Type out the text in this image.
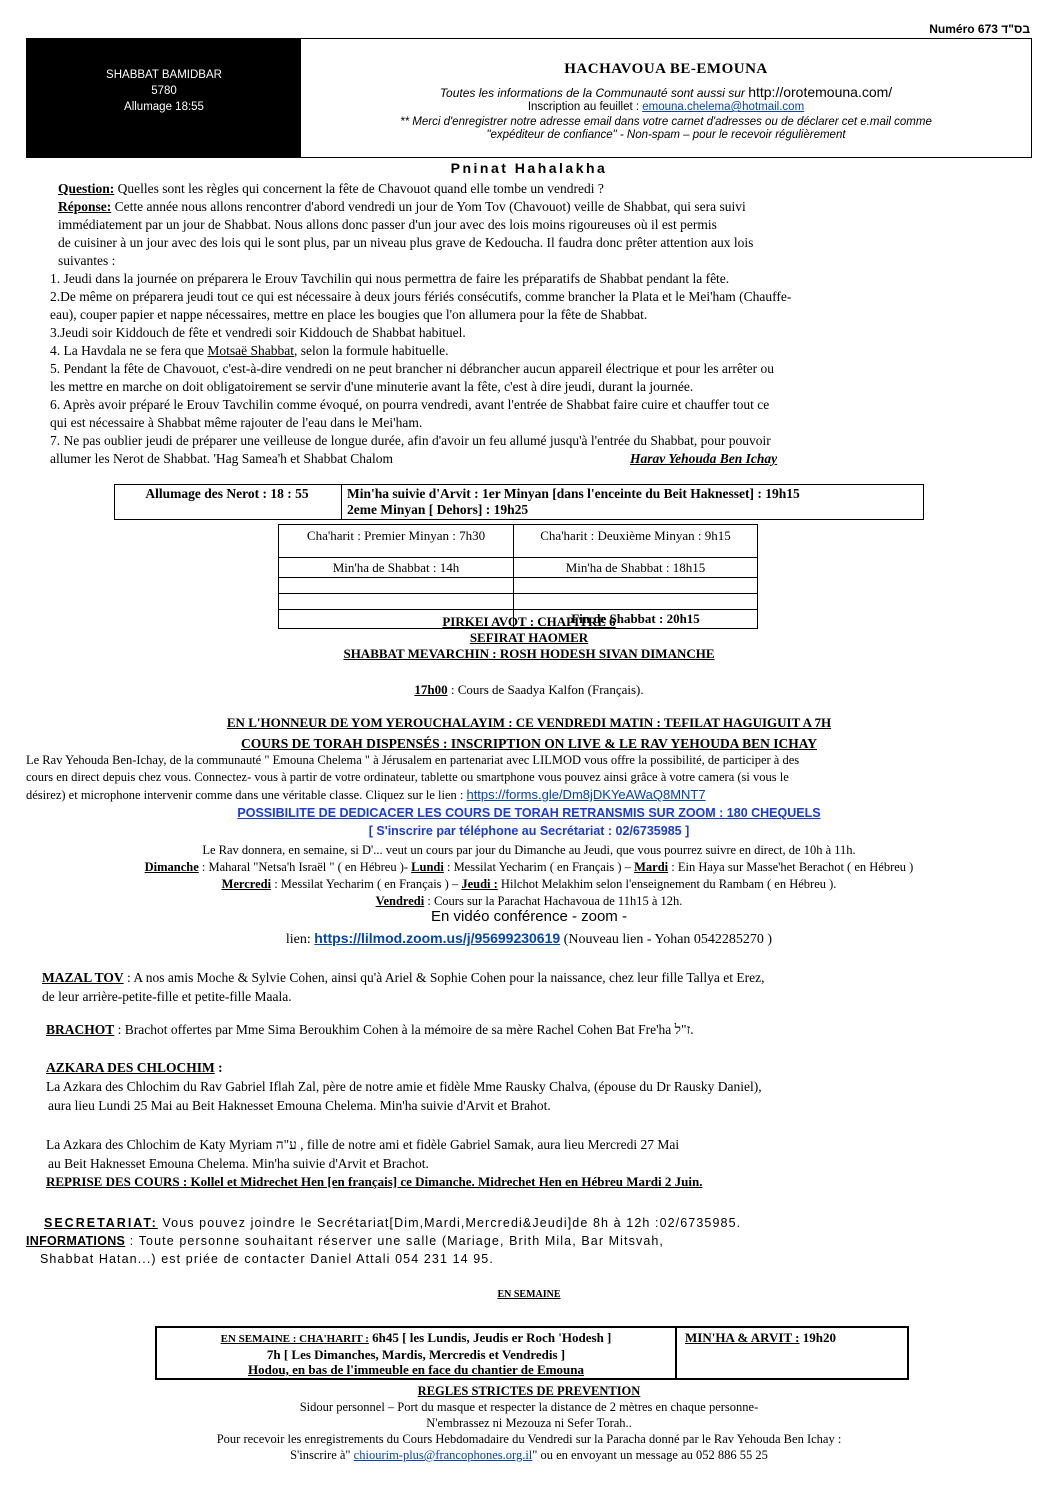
Numéro 673 בס"ד
SHABBAT BAMIDBAR
5780
Allumage 18:55
HACHAVOUA BE-EMOUNA
Toutes les informations de la Communauté sont aussi sur http://orotemouna.com/
Inscription au feuillet : emouna.chelema@hotmail.com
** Merci d'enregistrer notre adresse email dans votre carnet d'adresses ou de déclarer cet e.mail comme
"expéditeur de confiance" - Non-spam – pour le recevoir régulièrement
Pninat Hahalakha
Question: Quelles sont les règles qui concernent la fête de Chavouot quand elle tombe un vendredi ?
Réponse: Cette année nous allons rencontrer d'abord vendredi un jour de Yom Tov (Chavouot) veille de Shabbat, qui sera suivi
immédiatement par un jour de Shabbat. Nous allons donc passer d'un jour avec des lois moins rigoureuses où il est permis
de cuisiner à un jour avec des lois qui le sont plus, par un niveau plus grave de Kedoucha. Il faudra donc prêter attention aux lois
suivantes :
1. Jeudi dans la journée on préparera le Erouv Tavchilin qui nous permettra de faire les préparatifs de Shabbat pendant la fête.
2.De même on préparera jeudi tout ce qui est nécessaire à deux jours fériés consécutifs, comme brancher la Plata et le Mei'ham (Chauffe-
eau), couper papier et nappe nécessaires, mettre en place les bougies que l'on allumera pour la fête de Shabbat.
3.Jeudi soir Kiddouch de fête et vendredi soir Kiddouch de Shabbat habituel.
4. La Havdala ne se fera que Motsaë Shabbat, selon la formule habituelle.
5. Pendant la fête de Chavouot, c'est-à-dire vendredi on ne peut brancher ni débrancher aucun appareil électrique et pour les arrêter ou
les mettre en marche on doit obligatoirement se servir d'une minuterie avant la fête, c'est à dire jeudi, durant la journée.
6. Après avoir préparé le Erouv Tavchilin comme évoqué, on pourra vendredi, avant l'entrée de Shabbat faire cuire et chauffer tout ce
qui est nécessaire à Shabbat même rajouter de l'eau dans le Mei'ham.
7. Ne pas oublier jeudi de préparer une veilleuse de longue durée, afin d'avoir un feu allumé jusqu'à l'entrée du Shabbat, pour pouvoir
allumer les Nerot de Shabbat. 'Hag Samea'h et Shabbat Chalom	Harav Yehouda Ben Ichay
Allumage des Nerot : 18 : 55	Min'ha suivie d'Arvit : 1er Minyan [dans l'enceinte du Beit Haknesset] : 19h15
2eme Minyan [ Dehors] : 19h25
Cha'harit : Premier Minyan : 7h30	Cha'harit : Deuxième Minyan : 9h15
Min'ha de Shabbat : 14h	Min'ha de Shabbat : 18h15

	Fin de Shabbat : 20h15
PIRKEI AVOT : CHAPITRE 6
SEFIRAT HAOMER
SHABBAT MEVARCHIN : ROSH HODESH SIVAN DIMANCHE
17h00 : Cours de Saadya Kalfon (Français).
EN L'HONNEUR DE YOM YEROUCHALAYIM : CE VENDREDI MATIN : TEFILAT HAGUIGUIT A 7H
COURS DE TORAH DISPENSÉS : INSCRIPTION ON LIVE & LE RAV YEHOUDA BEN ICHAY
Le Rav Yehouda Ben-Ichay, de la communauté " Emouna Chelema " à Jérusalem en partenariat avec LILMOD vous offre la possibilité, de participer à des
cours en direct depuis chez vous. Connectez- vous à partir de votre ordinateur, tablette ou smartphone vous pouvez ainsi grâce à votre camera (si vous le
désirez) et microphone intervenir comme dans une véritable classe. Cliquez sur le lien : https://forms.gle/Dm8jDKYeAWaQ8MNT7
POSSIBILITE DE DEDICACER LES COURS DE TORAH RETRANSMIS SUR ZOOM : 180 CHEQUELS
[ S'inscrire par téléphone au Secrétariat : 02/6735985 ]
Le Rav donnera, en semaine, si D'... veut un cours par jour du Dimanche au Jeudi, que vous pourrez suivre en direct, de 10h à 11h.
Dimanche : Maharal "Netsa'h Israël " ( en Hébreu )- Lundi : Messilat Yecharim ( en Français ) – Mardi : Ein Haya sur Masse'het Berachot ( en Hébreu )
Mercredi : Messilat Yecharim ( en Français ) – Jeudi : Hilchot Melakhim selon l'enseignement du Rambam ( en Hébreu ).
Vendredi : Cours sur la Parachat Hachavoua de 11h15 à 12h.
En vidéo conférence - zoom -
lien: https://lilmod.zoom.us/j/95699230619 (Nouveau lien - Yohan 0542285270 )
MAZAL TOV : A nos amis Moche & Sylvie Cohen, ainsi qu'à Ariel & Sophie Cohen pour la naissance, chez leur fille Tallya et Erez,
de leur arrière-petite-fille et petite-fille Maala.
BRACHOT : Brachot offertes par Mme Sima Beroukhim Cohen à la mémoire de sa mère Rachel Cohen Bat Fre'ha ז"ל.
AZKARA DES CHLOCHIM :
La Azkara des Chlochim du Rav Gabriel Iflah Zal, père de notre amie et fidèle Mme Rausky Chalva, (épouse du Dr Rausky Daniel),
aura lieu Lundi 25 Mai au Beit Haknesset Emouna Chelema. Min'ha suivie d'Arvit et Brahot.
La Azkara des Chlochim de Katy Myriam ע"ה , fille de notre ami et fidèle Gabriel Samak, aura lieu Mercredi 27 Mai
au Beit Haknesset Emouna Chelema. Min'ha suivie d'Arvit et Brachot.
REPRISE DES COURS : Kollel et Midrechet Hen [en français] ce Dimanche. Midrechet Hen en Hébreu Mardi 2 Juin.
SECRETARIAT: Vous pouvez joindre le Secrétariat[Dim,Mardi,Mercredi&Jeudi]de 8h à 12h :02/6735985.
INFORMATIONS : Toute personne souhaitant réserver une salle (Mariage, Brith Mila, Bar Mitsvah,
Shabbat Hatan...) est priée de contacter Daniel Attali 054 231 14 95.
EN SEMAINE
EN SEMAINE : CHA'HARIT : 6h45 [ les Lundis, Jeudis er Roch 'Hodesh ]
7h [ Les Dimanches, Mardis, Mercredis et Vendredis ]
Hodou, en bas de l'immeuble en face du chantier de Emouna
MIN'HA & ARVIT : 19h20
REGLES STRICTES DE PREVENTION
Sidour personnel – Port du masque et respecter la distance de 2 mètres en chaque personne-
N'embrassez ni Mezouza ni Sefer Torah..
Pour recevoir les enregistrements du Cours Hebdomadaire du Vendredi sur la Paracha donné par le Rav Yehouda Ben Ichay :
S'inscrire à" chiourim-plus@francophones.org.il" ou en envoyant un message au 052 886 55 25
